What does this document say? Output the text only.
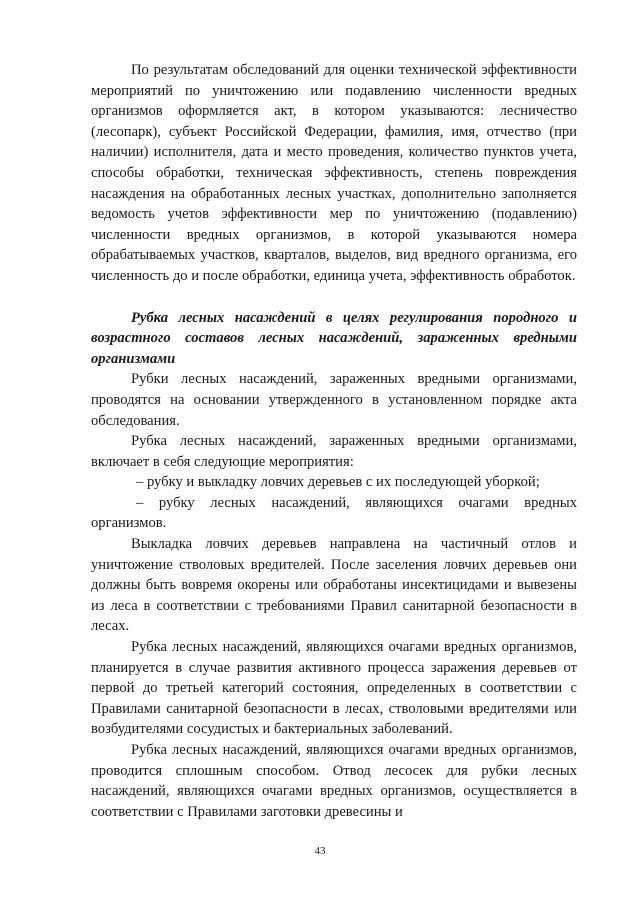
По результатам обследований для оценки технической эффективности мероприятий по уничтожению или подавлению численности вредных организмов оформляется акт, в котором указываются: лесничество (лесопарк), субъект Российской Федерации, фамилия, имя, отчество (при наличии) исполнителя, дата и место проведения, количество пунктов учета, способы обработки, техническая эффективность, степень повреждения насаждения на обработанных лесных участках, дополнительно заполняется ведомость учетов эффективности мер по уничтожению (подавлению) численности вредных организмов, в которой указываются номера обрабатываемых участков, кварталов, выделов, вид вредного организма, его численность до и после обработки, единица учета, эффективность обработок.

Рубка лесных насаждений в целях регулирования породного и возрастного составов лесных насаждений, зараженных вредными организмами

Рубки лесных насаждений, зараженных вредными организмами, проводятся на основании утвержденного в установленном порядке акта обследования.

Рубка лесных насаждений, зараженных вредными организмами, включает в себя следующие мероприятия:

– рубку и выкладку ловчих деревьев с их последующей уборкой;

– рубку лесных насаждений, являющихся очагами вредных организмов.

Выкладка ловчих деревьев направлена на частичный отлов и уничтожение стволовых вредителей. После заселения ловчих деревьев они должны быть вовремя окорены или обработаны инсектицидами и вывезены из леса в соответствии с требованиями Правил санитарной безопасности в лесах.

Рубка лесных насаждений, являющихся очагами вредных организмов, планируется в случае развития активного процесса заражения деревьев от первой до третьей категорий состояния, определенных в соответствии с Правилами санитарной безопасности в лесах, стволовыми вредителями или возбудителями сосудистых и бактериальных заболеваний.

Рубка лесных насаждений, являющихся очагами вредных организмов, проводится сплошным способом. Отвод лесосек для рубки лесных насаждений, являющихся очагами вредных организмов, осуществляется в соответствии с Правилами заготовки древесины и

43
